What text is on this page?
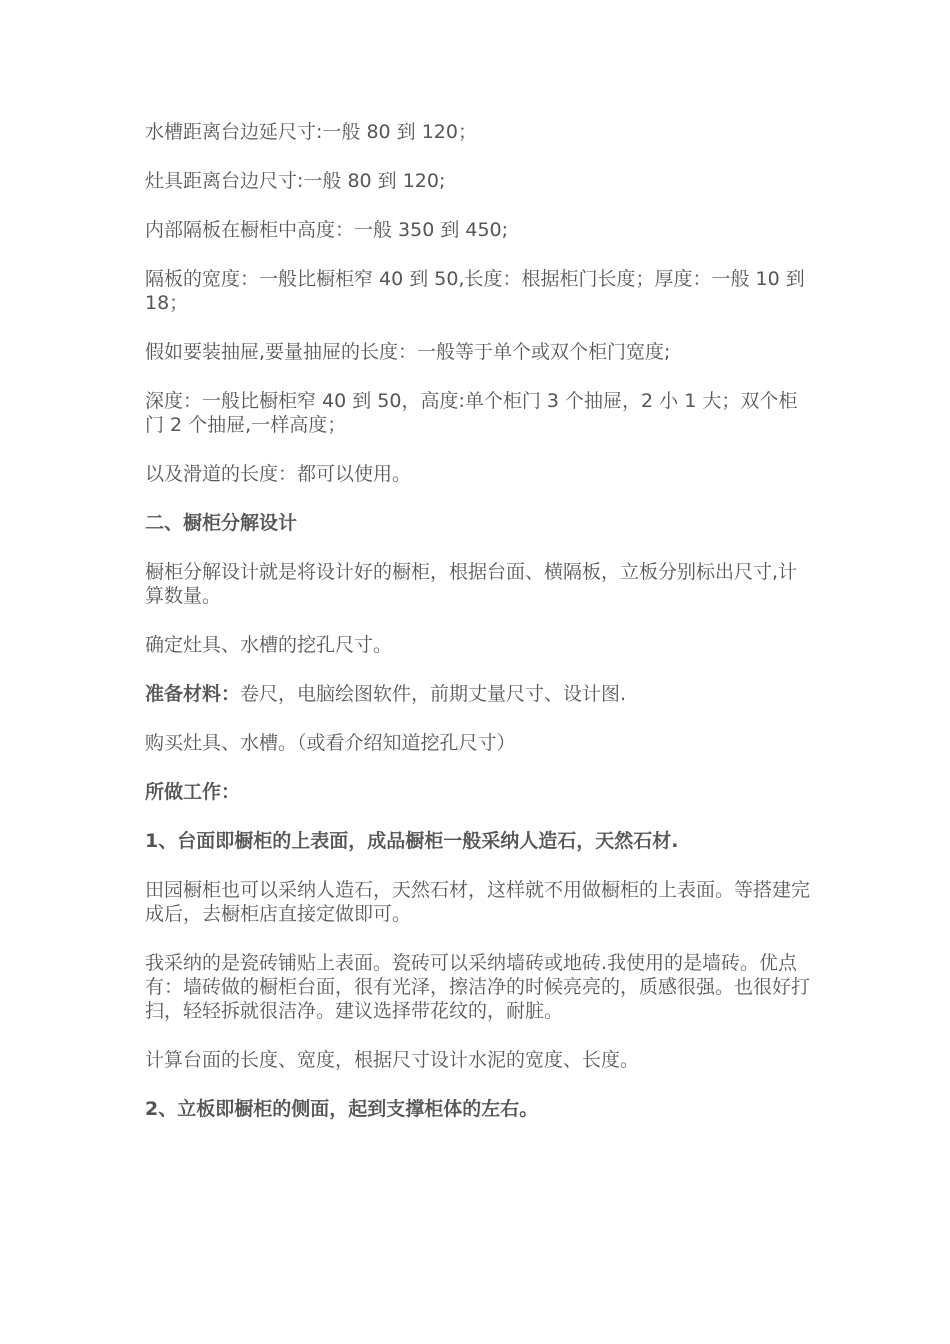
水槽距离台边延尺寸:一般 80 到 120；

灶具距离台边尺寸:一般 80 到 120;

内部隔板在橱柜中高度：一般 350 到 450;

隔板的宽度：一般比橱柜窄 40 到 50,长度：根据柜门长度；厚度：一般 10 到 18；

假如要装抽屉,要量抽屉的长度：一般等于单个或双个柜门宽度;

深度：一般比橱柜窄 40 到 50，高度:单个柜门 3 个抽屉，2 小 1 大；双个柜门 2 个抽屉,一样高度；

以及滑道的长度：都可以使用。

二、橱柜分解设计

橱柜分解设计就是将设计好的橱柜，根据台面、横隔板，立板分别标出尺寸,计算数量。

确定灶具、水槽的挖孔尺寸。

准备材料：卷尺，电脑绘图软件，前期丈量尺寸、设计图.

购买灶具、水槽。（或看介绍知道挖孔尺寸）

所做工作：

1、台面即橱柜的上表面，成品橱柜一般采纳人造石，天然石材.

田园橱柜也可以采纳人造石，天然石材，这样就不用做橱柜的上表面。等搭建完成后，去橱柜店直接定做即可。

我采纳的是瓷砖铺贴上表面。瓷砖可以采纳墙砖或地砖.我使用的是墙砖。优点有：墙砖做的橱柜台面，很有光泽，擦洁净的时候亮亮的，质感很强。也很好打扫，轻轻拆就很洁净。建议选择带花纹的，耐脏。

计算台面的长度、宽度，根据尺寸设计水泥的宽度、长度。

2、立板即橱柜的侧面，起到支撑柜体的左右。
